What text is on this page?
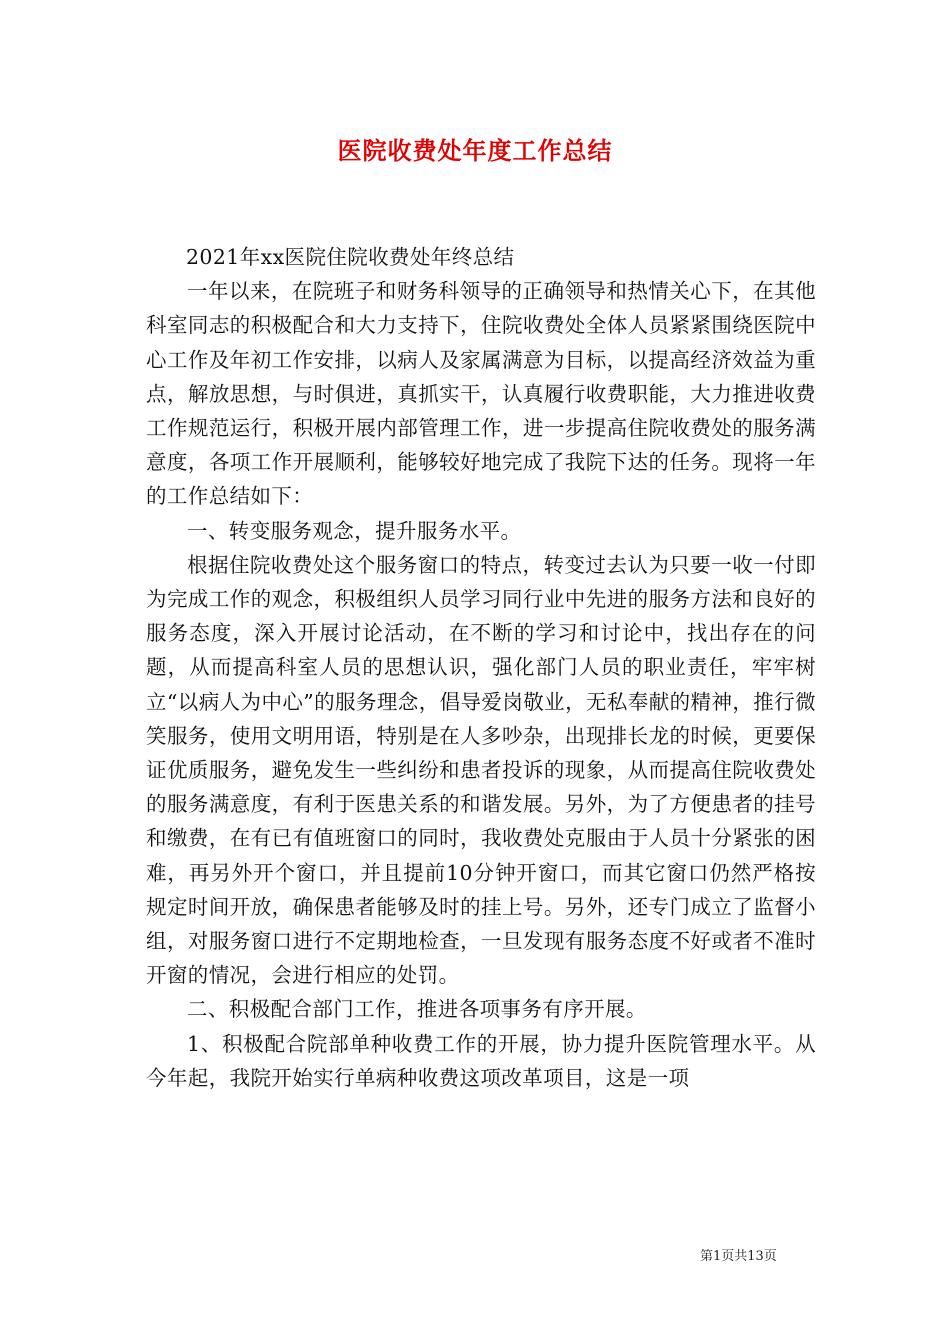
医院收费处年度工作总结

2021年xx医院住院收费处年终总结

一年以来，在院班子和财务科领导的正确领导和热情关心下，在其他科室同志的积极配合和大力支持下，住院收费处全体人员紧紧围绕医院中心工作及年初工作安排，以病人及家属满意为目标，以提高经济效益为重点，解放思想，与时俱进，真抓实干，认真履行收费职能，大力推进收费工作规范运行，积极开展内部管理工作，进一步提高住院收费处的服务满意度，各项工作开展顺利，能够较好地完成了我院下达的任务。现将一年的工作总结如下：

一、转变服务观念，提升服务水平。

根据住院收费处这个服务窗口的特点，转变过去认为只要一收一付即为完成工作的观念，积极组织人员学习同行业中先进的服务方法和良好的服务态度，深入开展讨论活动，在不断的学习和讨论中，找出存在的问题，从而提高科室人员的思想认识，强化部门人员的职业责任，牢牢树立“以病人为中心”的服务理念，倡导爱岗敬业，无私奉献的精神，推行微笑服务，使用文明用语，特别是在人多吵杂，出现排长龙的时候，更要保证优质服务，避免发生一些纠纷和患者投诉的现象，从而提高住院收费处的服务满意度，有利于医患关系的和谐发展。另外，为了方便患者的挂号和缴费，在有已有值班窗口的同时，我收费处克服由于人员十分紧张的困难，再另外开个窗口，并且提前10分钟开窗口，而其它窗口仍然严格按规定时间开放，确保患者能够及时的挂上号。另外，还专门成立了监督小组，对服务窗口进行不定期地检查，一旦发现有服务态度不好或者不准时开窗的情况，会进行相应的处罚。

二、积极配合部门工作，推进各项事务有序开展。

1、积极配合院部单种收费工作的开展，协力提升医院管理水平。从今年起，我院开始实行单病种收费这项改革项目，这是一项

第1页共13页
